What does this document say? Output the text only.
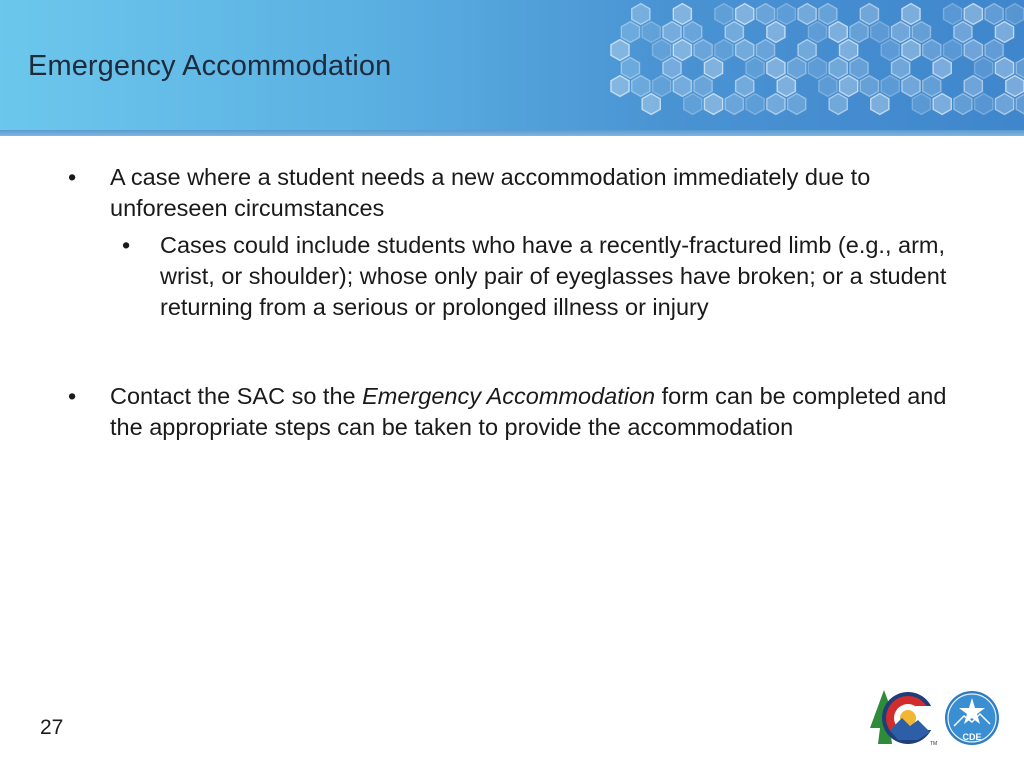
Emergency Accommodation
• A case where a student needs a new accommodation immediately due to unforeseen circumstances
• Cases could include students who have a recently-fractured limb (e.g., arm, wrist, or shoulder); whose only pair of eyeglasses have broken; or a student returning from a serious or prolonged illness or injury
• Contact the SAC so the Emergency Accommodation form can be completed and the appropriate steps can be taken to provide the accommodation
27
TM
CDE
